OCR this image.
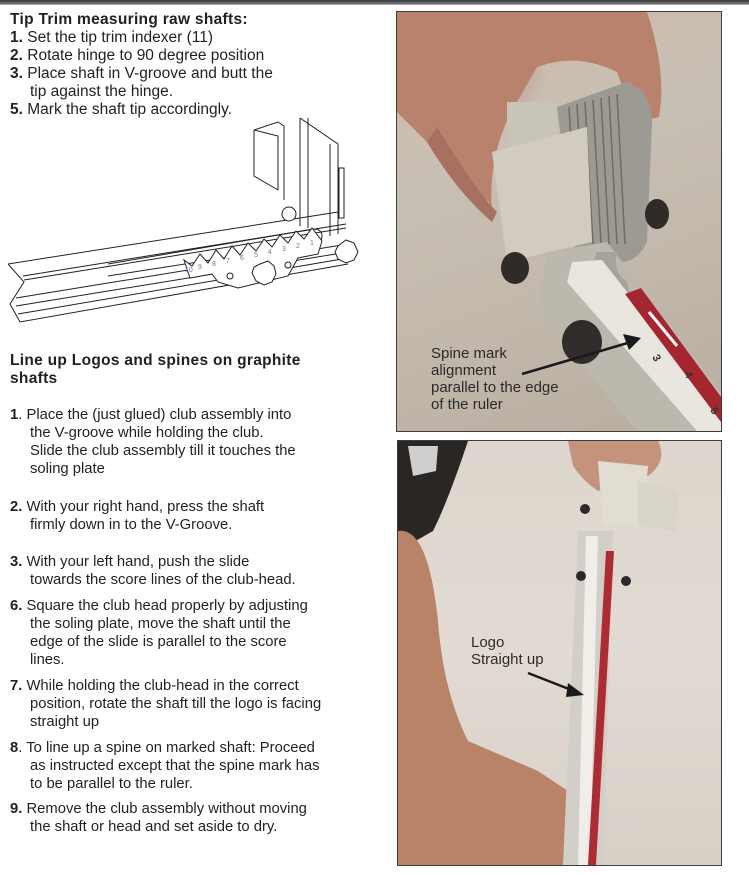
Tip Trim measuring raw shafts:
1. Set the tip trim indexer (11)
2. Rotate hinge to 90 degree position
3. Place shaft in V-groove and butt the
tip against the hinge.
5. Mark the shaft tip accordingly.
10 9 8 7 6 5 4 3 2 1
Line up Logos and spines on graphite
shafts
1. Place the (just glued) club assembly into
the V-groove while holding the club.
Slide the club assembly till it touches the
soling plate
2. With your right hand, press the shaft
firmly down in to the V-Groove.
3. With your left hand, push the slide
towards the score lines of the club-head.
6. Square the club head properly by adjusting
the soling plate, move the shaft until the
edge of the slide is parallel to the score
lines.
7. While holding the club-head in the correct
position, rotate the shaft till the logo is facing
straight up
8. To line up a spine on marked shaft: Proceed
as instructed except that the spine mark has
to be parallel to the ruler.
9. Remove the club assembly without moving
the shaft or head and set aside to dry.
3
4
5
Spine mark
alignment
parallel to the edge
of the ruler
Logo
Straight up
